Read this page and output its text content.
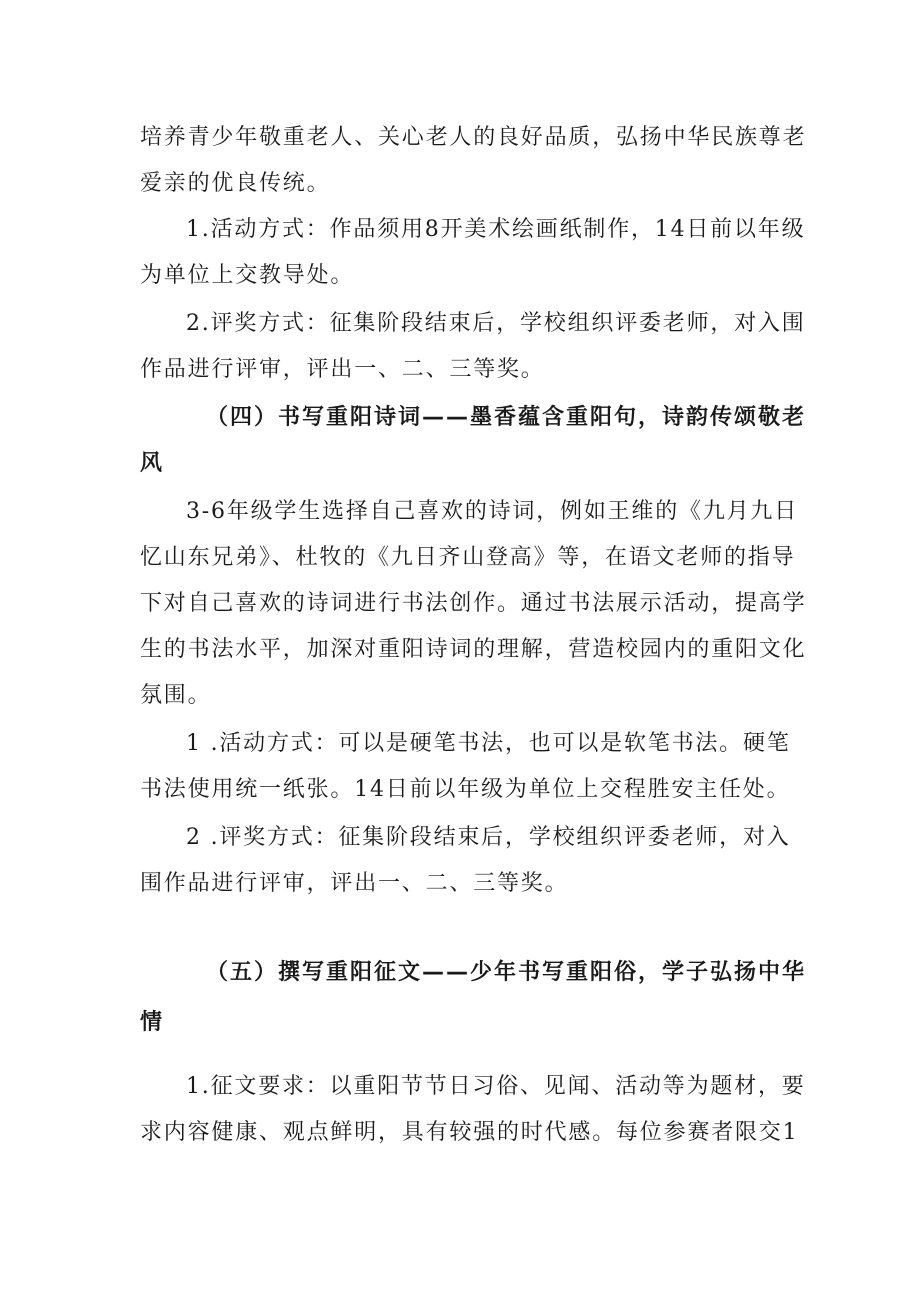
培养青少年敬重老人、关心老人的良好品质，弘扬中华民族尊老
爱亲的优良传统。
1.活动方式：作品须用8开美术绘画纸制作，14日前以年级
为单位上交教导处。
2.评奖方式：征集阶段结束后，学校组织评委老师，对入围
作品进行评审，评出一、二、三等奖。
（四）书写重阳诗词——墨香蕴含重阳句，诗韵传颂敬老
风
3-6年级学生选择自己喜欢的诗词，例如王维的《九月九日
忆山东兄弟》、杜牧的《九日齐山登高》等，在语文老师的指导
下对自己喜欢的诗词进行书法创作。通过书法展示活动，提高学
生的书法水平，加深对重阳诗词的理解，营造校园内的重阳文化
氛围。
1 .活动方式：可以是硬笔书法，也可以是软笔书法。硬笔
书法使用统一纸张。14日前以年级为单位上交程胜安主任处。
2 .评奖方式：征集阶段结束后，学校组织评委老师，对入
围作品进行评审，评出一、二、三等奖。
（五）撰写重阳征文——少年书写重阳俗，学子弘扬中华
情
1.征文要求：以重阳节节日习俗、见闻、活动等为题材，要
求内容健康、观点鲜明，具有较强的时代感。每位参赛者限交1
